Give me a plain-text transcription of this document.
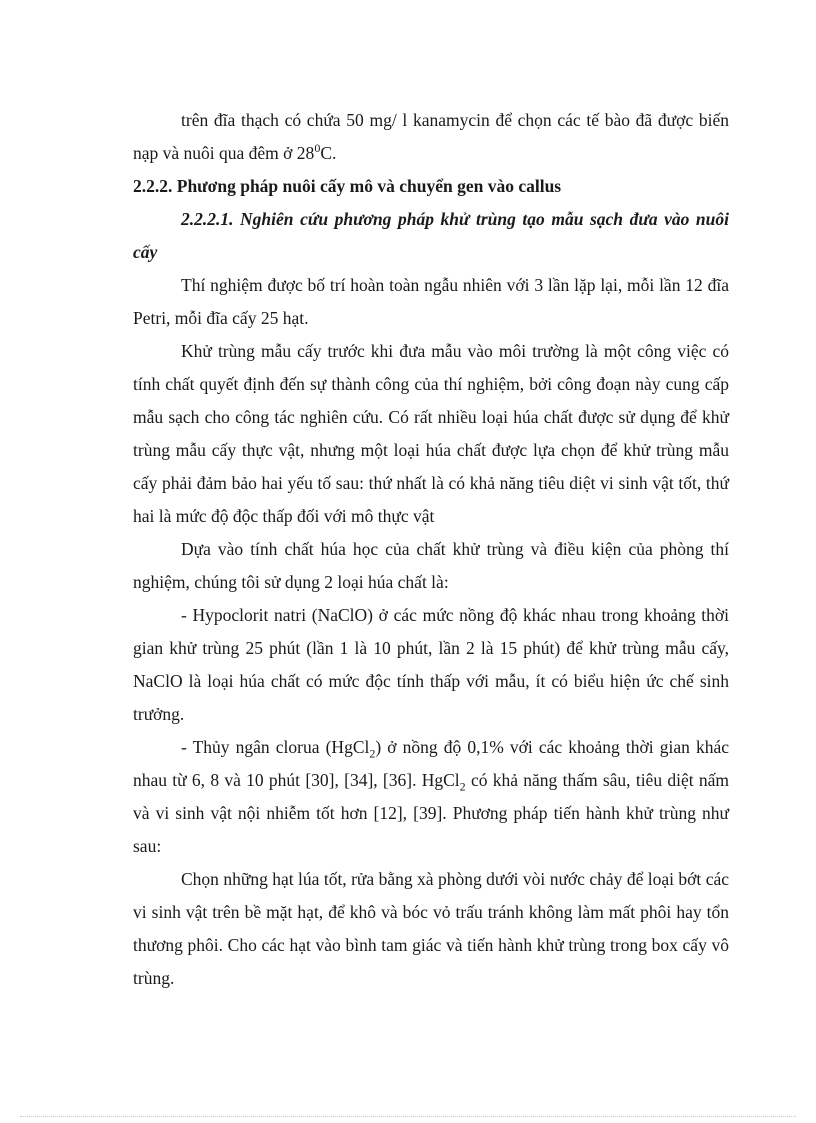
trên đĩa thạch có chứa 50 mg/ l kanamycin để chọn các tế bào đã được biến nạp và nuôi qua đêm ở $28^0C$.

2.2.2. Phương pháp nuôi cấy mô và chuyển gen vào callus

2.2.2.1. Nghiên cứu phương pháp khử trùng tạo mẫu sạch đưa vào nuôi cấy

Thí nghiệm được bố trí hoàn toàn ngẫu nhiên với 3 lần lặp lại, mỗi lần 12 đĩa Petri, mỗi đĩa cấy 25 hạt.

Khử trùng mẫu cấy trước khi đưa mẫu vào môi trường là một công việc có tính chất quyết định đến sự thành công của thí nghiệm, bởi công đoạn này cung cấp mẫu sạch cho công tác nghiên cứu. Có rất nhiều loại húa chất được sử dụng để khử trùng mẫu cấy thực vật, nhưng một loại húa chất được lựa chọn để khử trùng mẫu cấy phải đảm bảo hai yếu tố sau: thứ nhất là có khả năng tiêu diệt vi sinh vật tốt, thứ hai là mức độ độc thấp đối với mô thực vật

Dựa vào tính chất húa học của chất khử trùng và điều kiện của phòng thí nghiệm, chúng tôi sử dụng 2 loại húa chất là:

- Hypoclorit natri (NaClO) ở các mức nồng độ khác nhau trong khoảng thời gian khử trùng 25 phút (lần 1 là 10 phút, lần 2 là 15 phút) để khử trùng mẫu cấy, NaClO là loại húa chất có mức độc tính thấp với mẫu, ít có biểu hiện ức chế sinh trưởng.

- Thủy ngân clorua (HgCl$_2$) ở nồng độ 0,1% với các khoảng thời gian khác nhau từ 6, 8 và 10 phút [30], [34], [36]. HgCl$_2$ có khả năng thấm sâu, tiêu diệt nấm và vi sinh vật nội nhiễm tốt hơn [12], [39]. Phương pháp tiến hành khử trùng như sau:

Chọn những hạt lúa tốt, rửa bằng xà phòng dưới vòi nước chảy để loại bớt các vi sinh vật trên bề mặt hạt, để khô và bóc vỏ trấu tránh không làm mất phôi hay tổn thương phôi. Cho các hạt vào bình tam giác và tiến hành khử trùng trong box cấy vô trùng.
